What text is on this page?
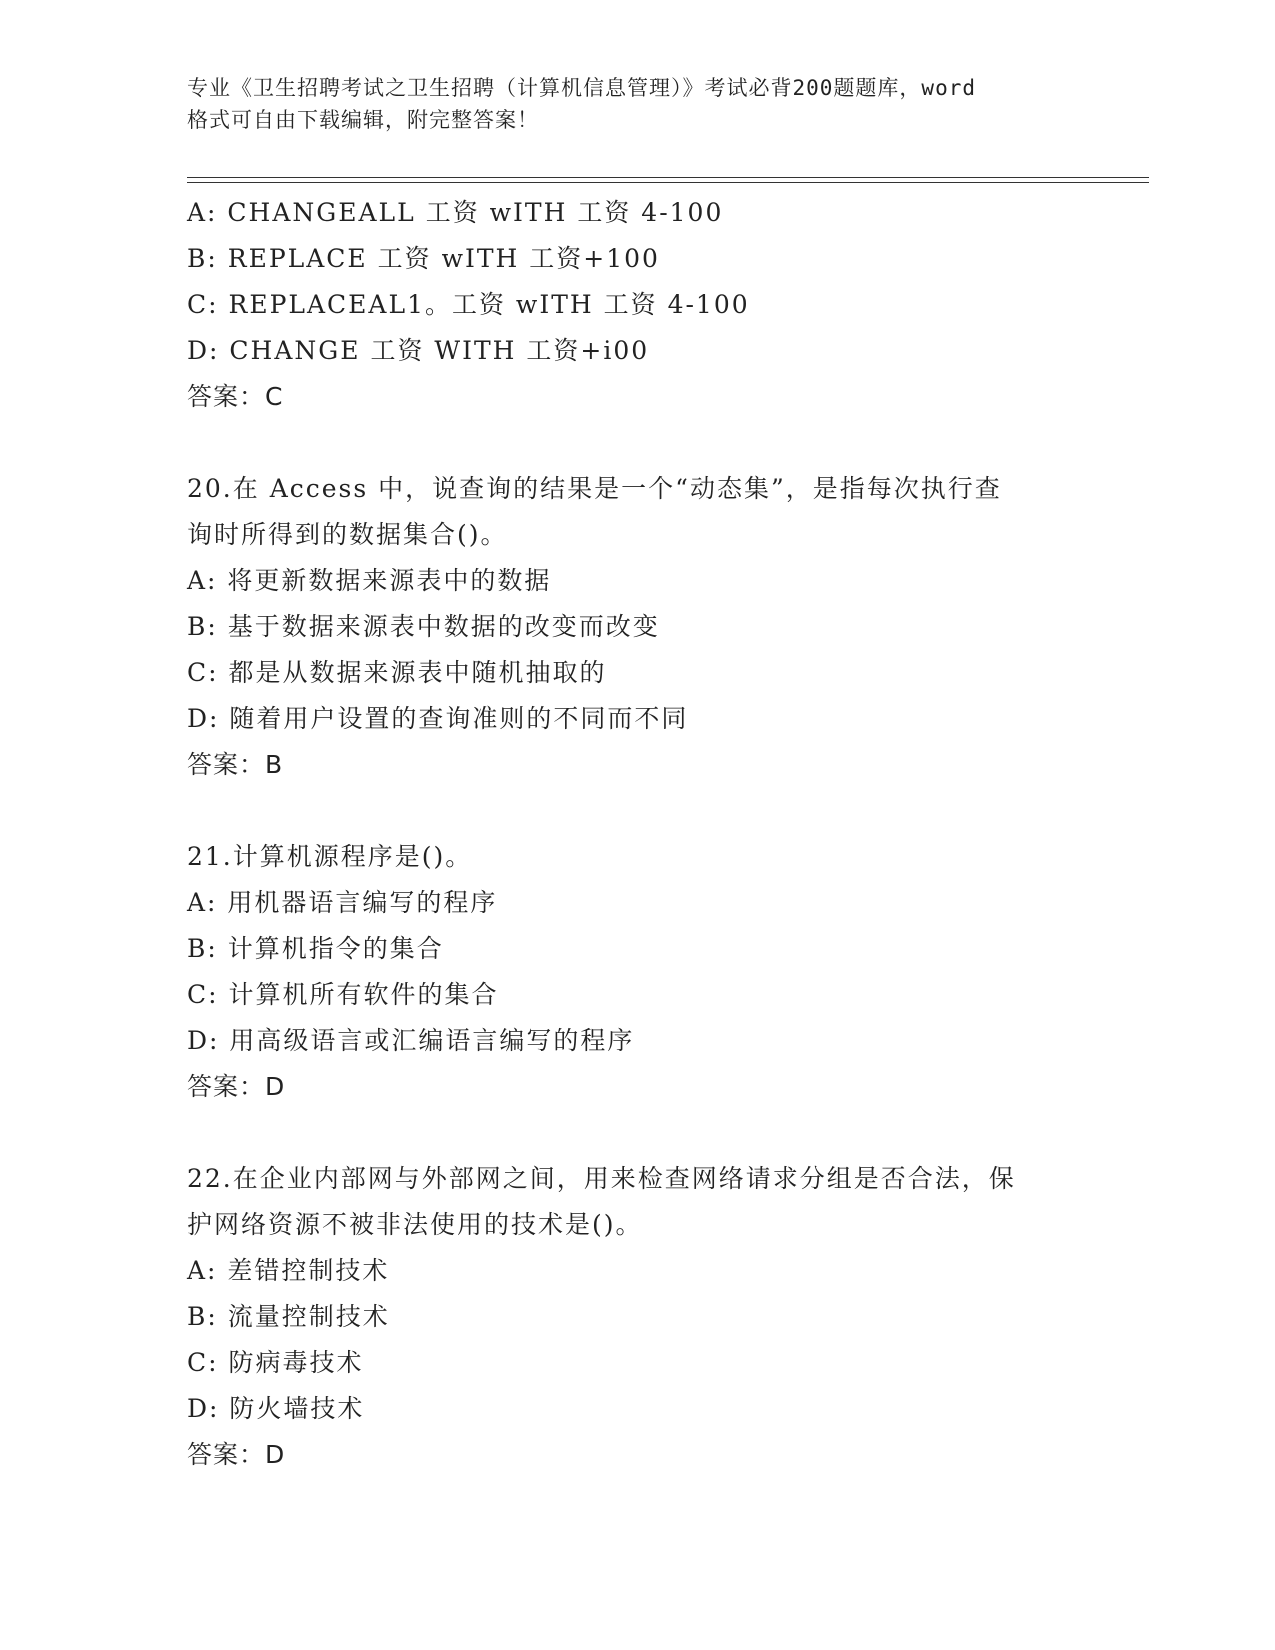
专业《卫生招聘考试之卫生招聘（计算机信息管理）》考试必背200题题库，word
格式可自由下载编辑，附完整答案！
A: CHANGEALL 工资 wITH 工资 4-100
B: REPLACE 工资 wITH 工资+100
C: REPLACEAL1。工资 wITH 工资 4-100
D: CHANGE 工资 WITH 工资+i00
答案：C
20.在 Access 中，说查询的结果是一个“动态集”，是指每次执行查
询时所得到的数据集合()。
A: 将更新数据来源表中的数据
B: 基于数据来源表中数据的改变而改变
C: 都是从数据来源表中随机抽取的
D: 随着用户设置的查询准则的不同而不同
答案：B
21.计算机源程序是()。
A: 用机器语言编写的程序
B: 计算机指令的集合
C: 计算机所有软件的集合
D: 用高级语言或汇编语言编写的程序
答案：D
22.在企业内部网与外部网之间，用来检查网络请求分组是否合法，保
护网络资源不被非法使用的技术是()。
A: 差错控制技术
B: 流量控制技术
C: 防病毒技术
D: 防火墙技术
答案：D
